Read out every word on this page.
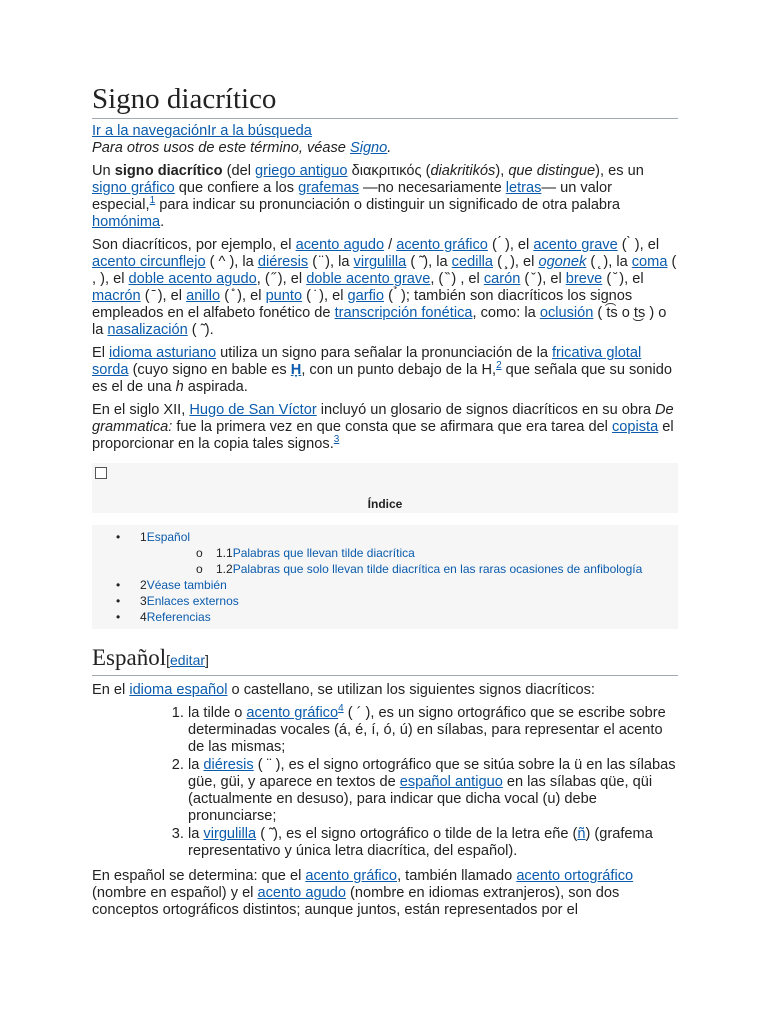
Signo diacrítico
Ir a la navegaciónIr a la búsqueda
Para otros usos de este término, véase Signo.

Un signo diacrítico (del griego antiguo διακριτικός (diakritikós), que distingue), es un signo gráfico que confiere a los grafemas —no necesariamente letras— un valor especial,$^1$ para indicar su pronunciación o distinguir un significado de otra palabra homónima.

Son diacríticos, por ejemplo, el acento agudo / acento gráfico ( ́ ), el acento grave ( ̀ ), el acento circunflejo ( ^ ), la diéresis ( ̈ ), la virgulilla ( ̃ ), la cedilla ( ̧ ), el ogonek ( ̨ ), la coma ( , ), el doble acento agudo, ( ̋ ), el doble acento grave, ( ̏ ) , el carón ( ̌ ), el breve ( ̆ ), el macrón ( ̄ ), el anillo ( ̊ ), el punto ( ̇ ), el garfio ( ̉ ); también son diacríticos los signos empleados en el alfabeto fonético de transcripción fonética, como: la oclusión ( t͡s o t͜s ) o la nasalización ( ̃ ).

El idioma asturiano utiliza un signo para señalar la pronunciación de la fricativa glotal sorda (cuyo signo en bable es Ḥ, con un punto debajo de la H,$^2$ que señala que su sonido es el de una h aspirada.

En el siglo XII, Hugo de San Víctor incluyó un glosario de signos diacríticos en su obra De grammatica: fue la primera vez en que consta que se afirmara que era tarea del copista el proporcionar en la copia tales signos.$^3$

Índice
• 1Español
o 1.1Palabras que llevan tilde diacrítica
o 1.2Palabras que solo llevan tilde diacrítica en las raras ocasiones de anfibología
• 2Véase también
• 3Enlaces externos
• 4Referencias
Español[editar]

En el idioma español o castellano, se utilizan los siguientes signos diacríticos:

1. la tilde o acento gráfico$^4$ ( ´ ), es un signo ortográfico que se escribe sobre determinadas vocales (á, é, í, ó, ú) en sílabas, para representar el acento de las mismas;
2. la diéresis ( ¨ ), es el signo ortográfico que se sitúa sobre la ü en las sílabas güe, güi, y aparece en textos de español antiguo en las sílabas qüe, qüi (actualmente en desuso), para indicar que dicha vocal (u) debe pronunciarse;
3. la virgulilla ( ̃ ), es el signo ortográfico o tilde de la letra eñe (ñ) (grafema representativo y única letra diacrítica, del español).

En español se determina: que el acento gráfico, también llamado acento ortográfico (nombre en español) y el acento agudo (nombre en idiomas extranjeros), son dos conceptos ortográficos distintos; aunque juntos, están representados por el
